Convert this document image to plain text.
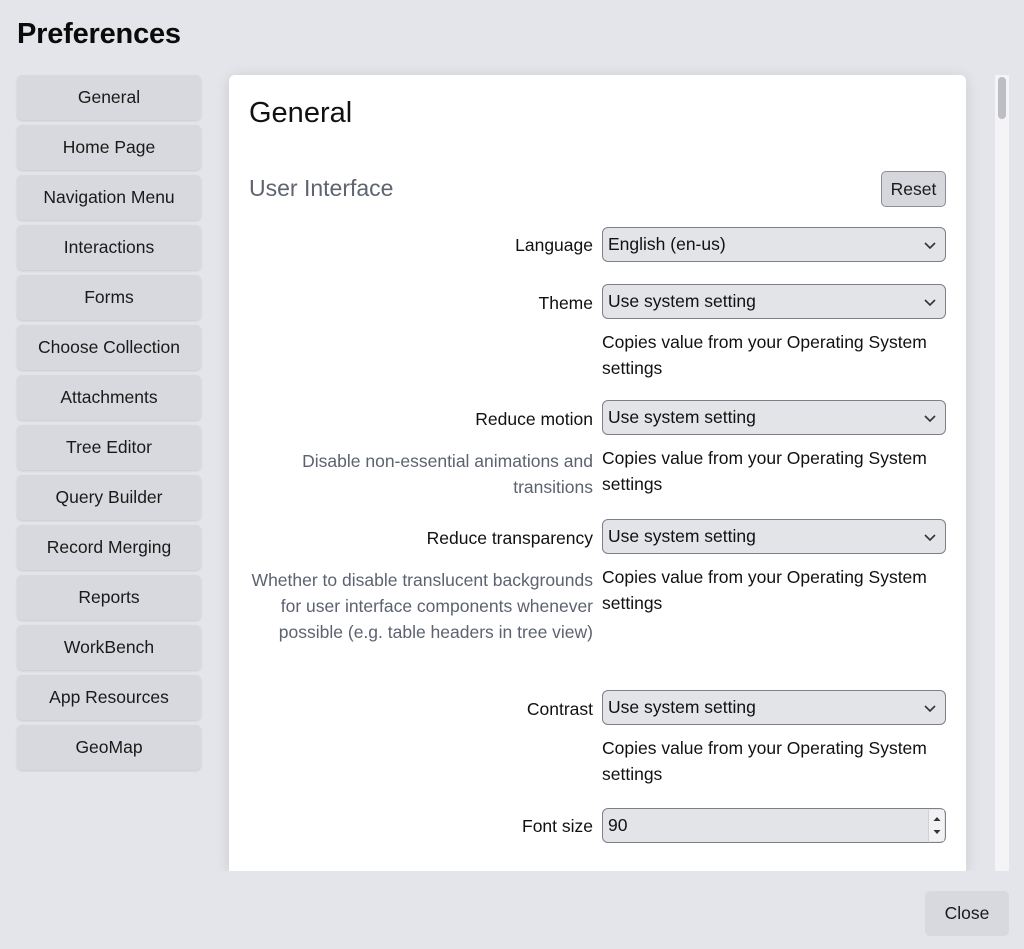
Preferences
General
Home Page
Navigation Menu
Interactions
Forms
Choose Collection
Attachments
Tree Editor
Query Builder
Record Merging
Reports
WorkBench
App Resources
GeoMap
General
User Interface	Reset
Language English (en-us)
Theme Use system setting
Copies value from your Operating System settings
Reduce motion Use system setting
Disable non-essential animations and transitions
Copies value from your Operating System settings
Reduce transparency Use system setting
Whether to disable translucent backgrounds for user interface components whenever possible (e.g. table headers in tree view)
Copies value from your Operating System settings
Contrast Use system setting
Copies value from your Operating System settings
Font size 90
Close
